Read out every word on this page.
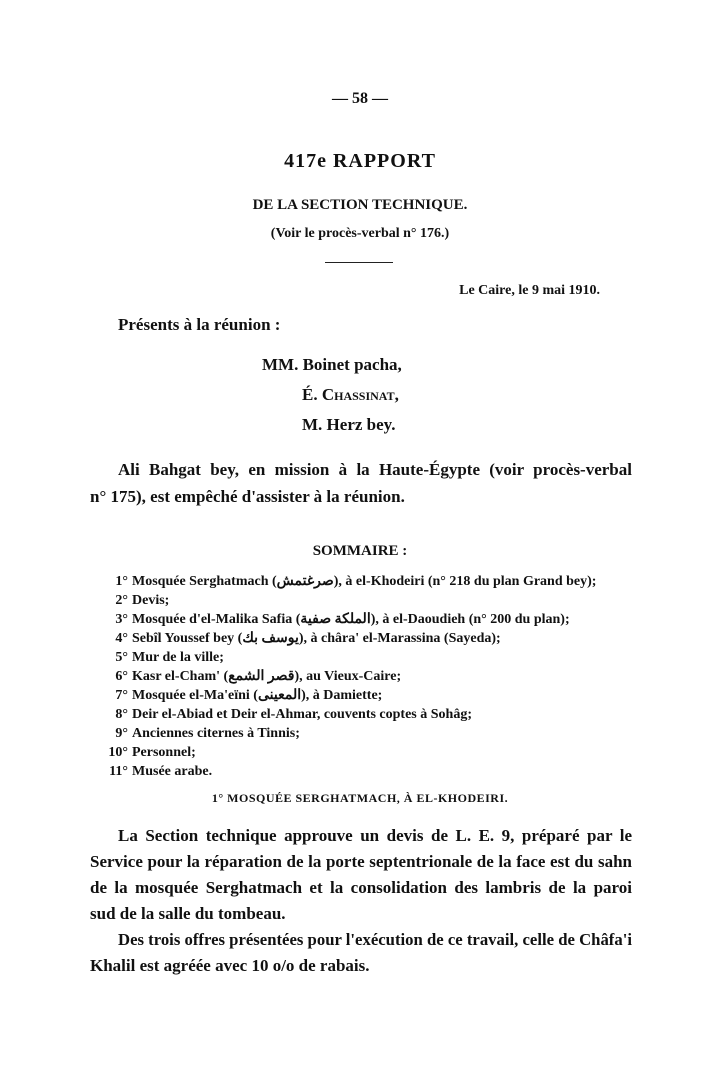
— 58 —
417e RAPPORT
DE LA SECTION TECHNIQUE.
(Voir le procès-verbal n° 176.)
Le Caire, le 9 mai 1910.
Présents à la réunion :
MM. Boinet pacha,
É. Chassinat,
M. Herz bey.
Ali Bahgat bey, en mission à la Haute-Égypte (voir procès-verbal
n° 175), est empêché d'assister à la réunion.
SOMMAIRE :
1° Mosquée Serghatmach (صرغتمش), à el-Khodeiri (n° 218 du plan Grand bey);
2° Devis;
3° Mosquée d'el-Malika Safia (الملكة صفية), à el-Daoudieh (n° 200 du plan);
4° Sebîl Youssef bey (يوسف بك), à châra' el-Marassina (Sayeda);
5° Mur de la ville;
6° Kasr el-Cham' (قصر الشمع), au Vieux-Caire;
7° Mosquée el-Ma'eïni (المعينى), à Damiette;
8° Deir el-Abiad et Deir el-Ahmar, couvents coptes à Sohâg;
9° Anciennes citernes à Tinnis;
10° Personnel;
11° Musée arabe.
1° MOSQUÉE SERGHATMACH, À EL-KHODEIRI.
La Section technique approuve un devis de L. E. 9, préparé par le
Service pour la réparation de la porte septentrionale de la face est du sahn
de la mosquée Serghatmach et la consolidation des lambris de la paroi
sud de la salle du tombeau.
Des trois offres présentées pour l'exécution de ce travail, celle de Châfa'i
Khalil est agréée avec 10 o/o de rabais.
